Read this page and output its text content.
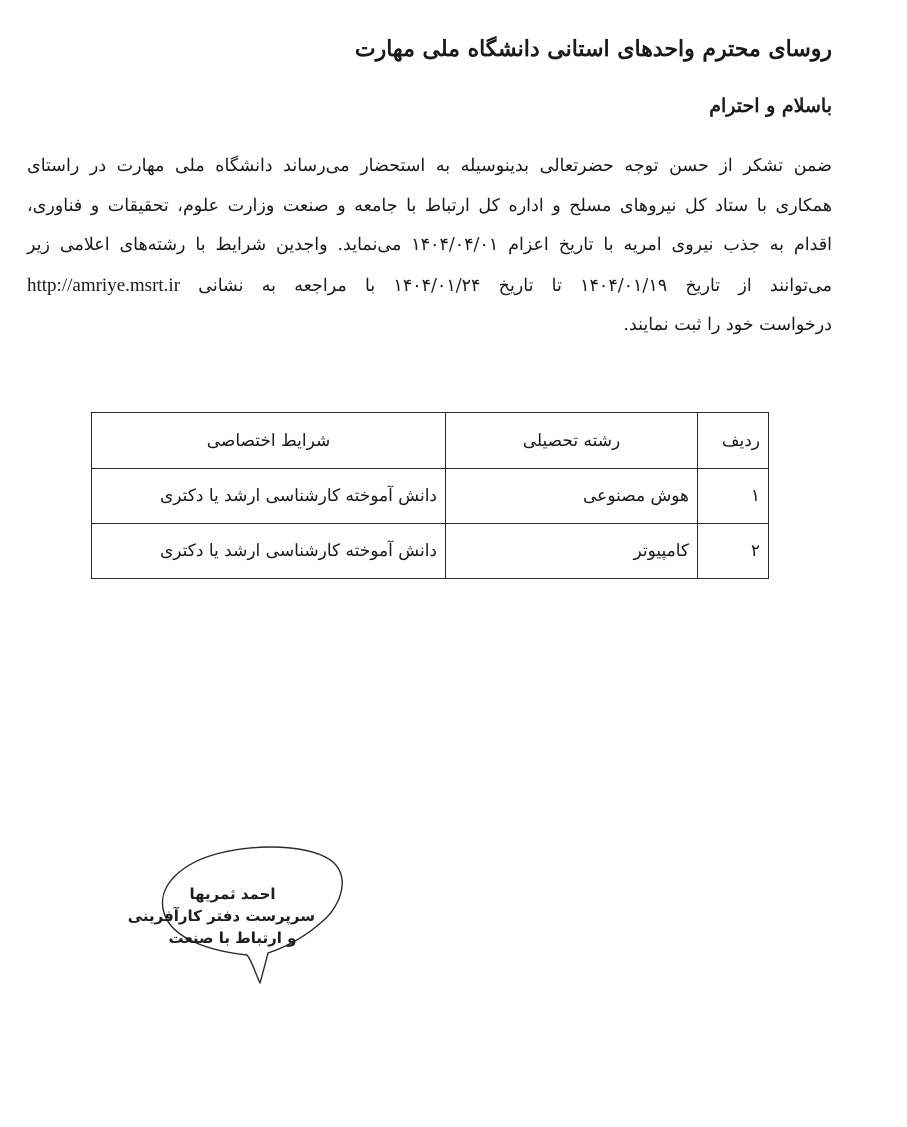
روسای محترم واحدهای استانی دانشگاه ملی مهارت
باسلام و احترام
ضمن تشکر از حسن توجه حضرتعالی بدینوسیله به استحضار می‌رساند دانشگاه ملی مهارت در راستای
همکاری با ستاد کل نیروهای مسلح و اداره کل ارتباط با جامعه و صنعت وزارت علوم، تحقیقات و فناوری،
اقدام به جذب نیروی امریه با تاریخ اعزام ۱۴۰۴/۰۴/۰۱ می‌نماید. واجدین شرایط با رشته‌های اعلامی زیر
می‌توانند از تاریخ ۱۴۰۴/۰۱/۱۹ تا تاریخ ۱۴۰۴/۰۱/۲۴ با مراجعه به نشانی http://amriye.msrt.ir
درخواست خود را ثبت نمایند.
ردیف	رشته تحصیلی	شرایط اختصاصی
۱	هوش مصنوعی	دانش آموخته کارشناسی ارشد یا دکتری
۲	کامپیوتر	دانش آموخته کارشناسی ارشد یا دکتری
احمد ثمریها
سرپرست دفتر کارآفرینی
و ارتباط با صنعت
